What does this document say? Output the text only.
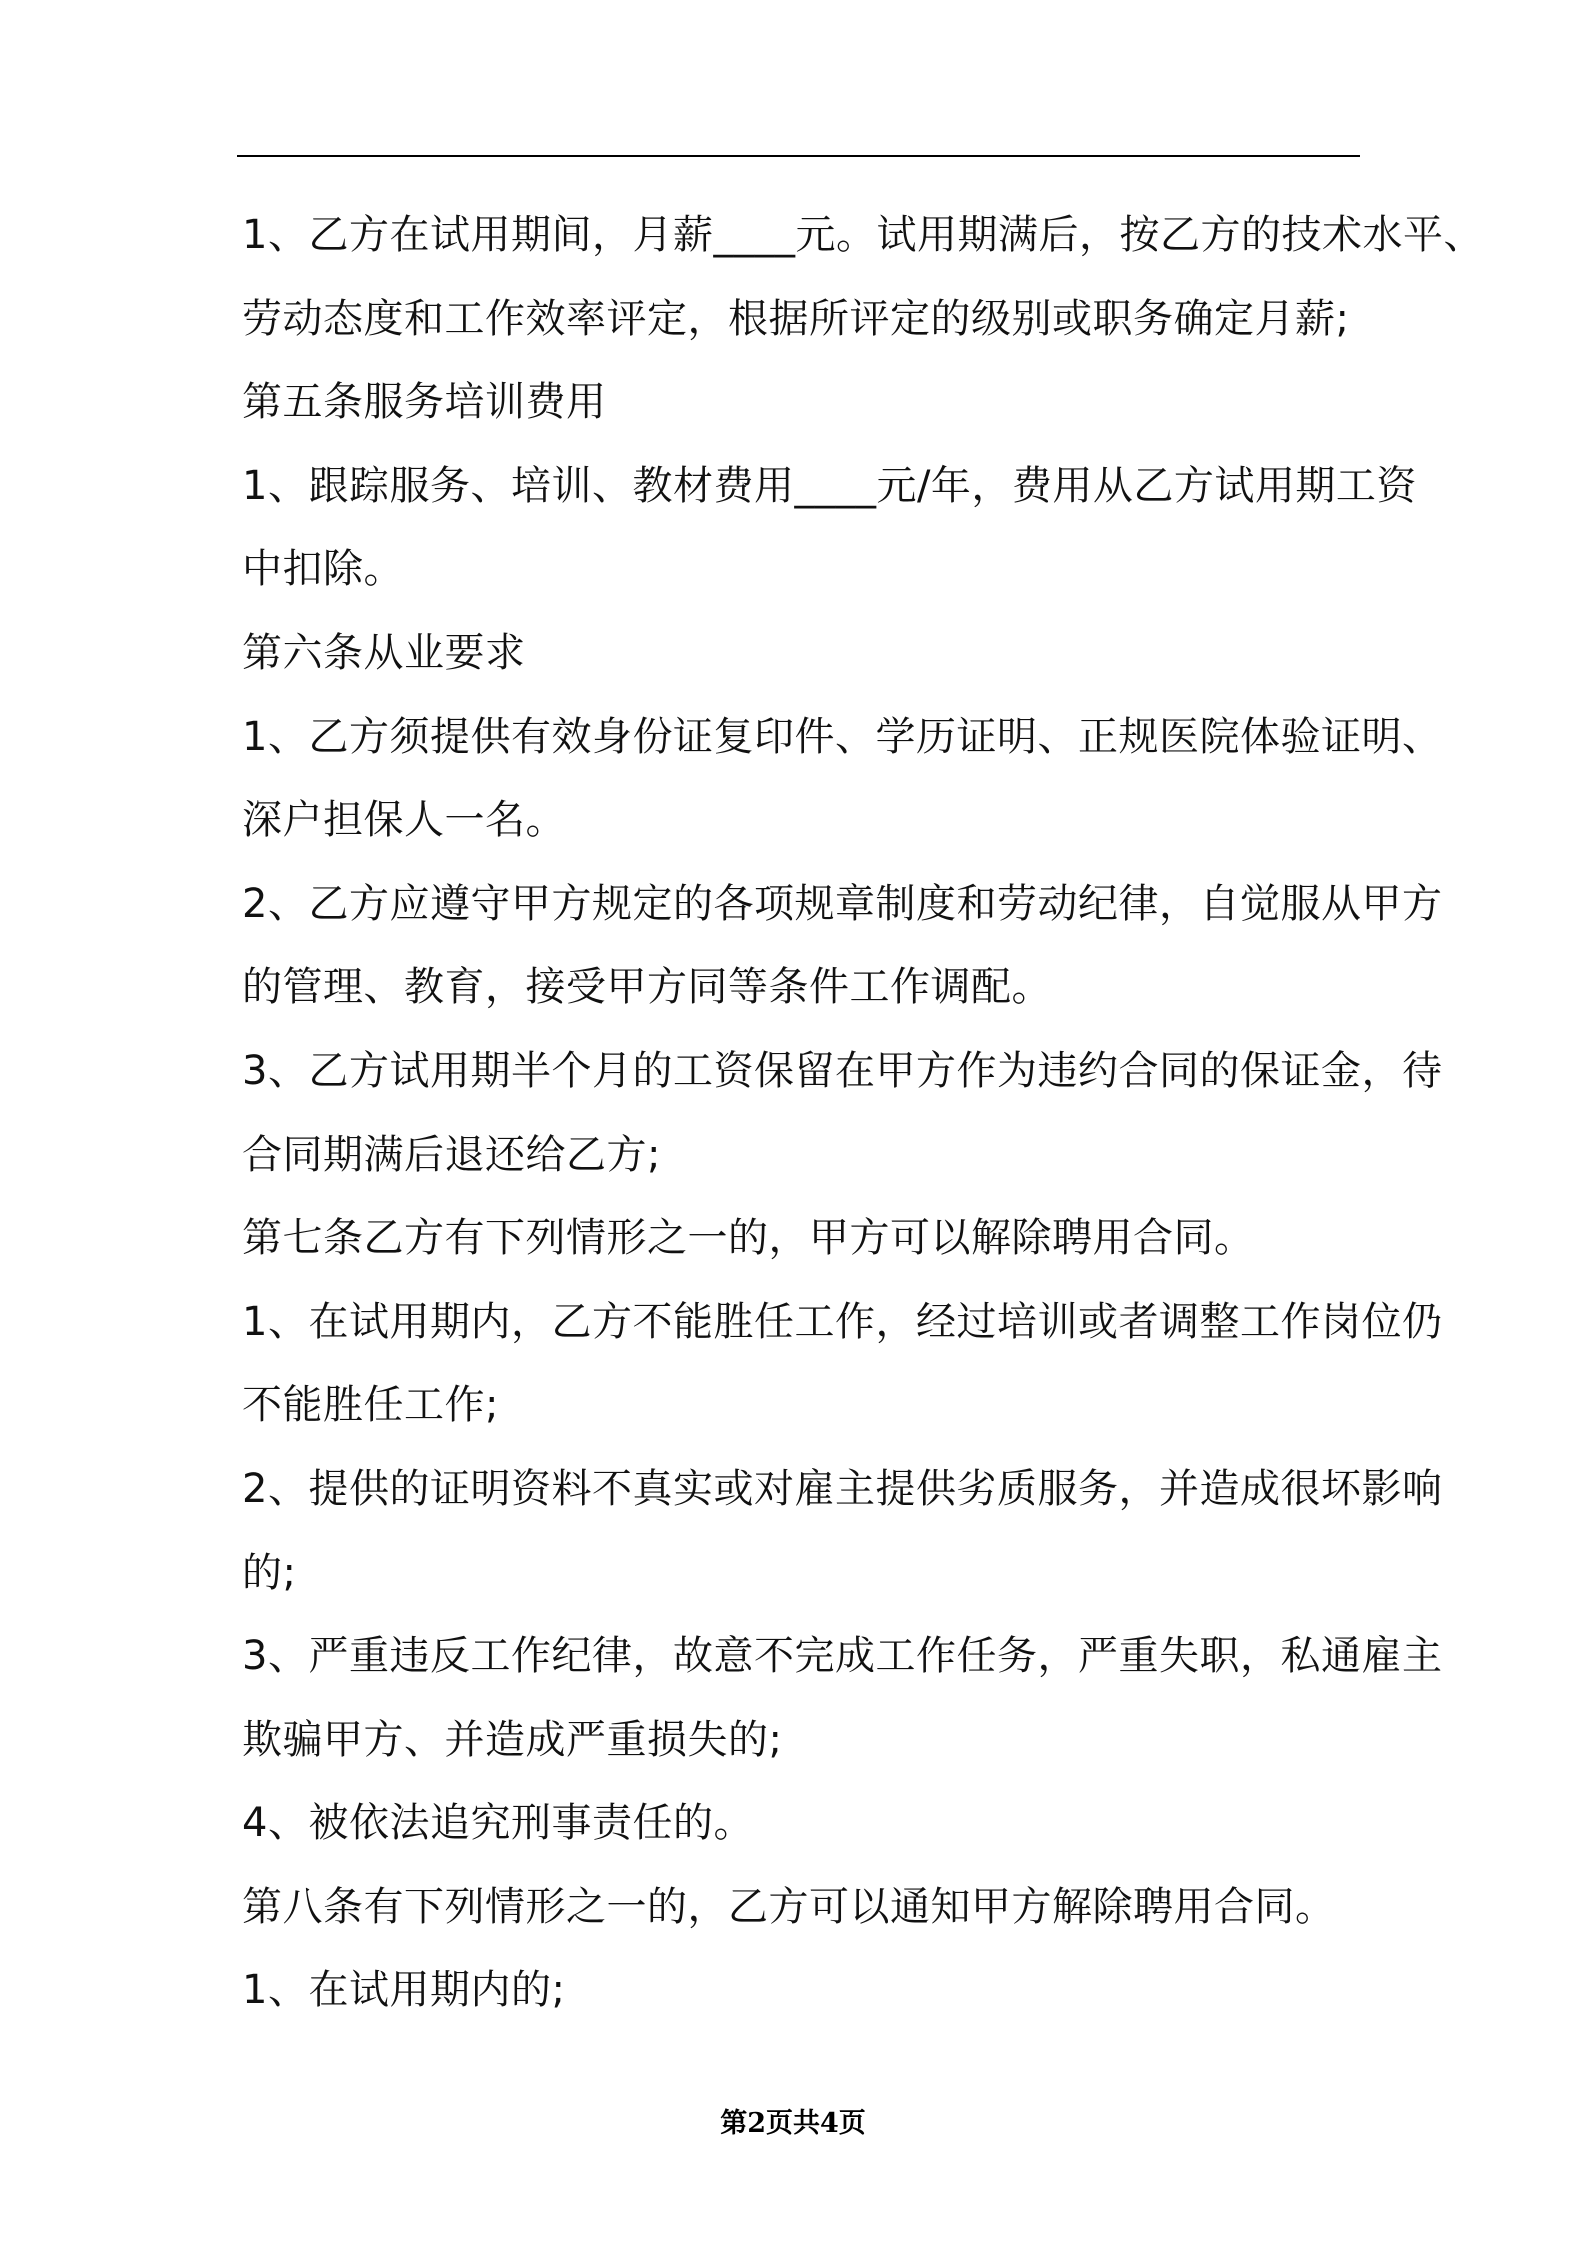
1、乙方在试用期间，月薪____元。试用期满后，按乙方的技术水平、
劳动态度和工作效率评定，根据所评定的级别或职务确定月薪;
第五条服务培训费用
1、跟踪服务、培训、教材费用____元/年，费用从乙方试用期工资
中扣除。
第六条从业要求
1、乙方须提供有效身份证复印件、学历证明、正规医院体验证明、
深户担保人一名。
2、乙方应遵守甲方规定的各项规章制度和劳动纪律，自觉服从甲方
的管理、教育，接受甲方同等条件工作调配。
3、乙方试用期半个月的工资保留在甲方作为违约合同的保证金，待
合同期满后退还给乙方;
第七条乙方有下列情形之一的，甲方可以解除聘用合同。
1、在试用期内，乙方不能胜任工作，经过培训或者调整工作岗位仍
不能胜任工作;
2、提供的证明资料不真实或对雇主提供劣质服务，并造成很坏影响
的;
3、严重违反工作纪律，故意不完成工作任务，严重失职，私通雇主
欺骗甲方、并造成严重损失的;
4、被依法追究刑事责任的。
第八条有下列情形之一的，乙方可以通知甲方解除聘用合同。
1、在试用期内的;
第2页共4页
